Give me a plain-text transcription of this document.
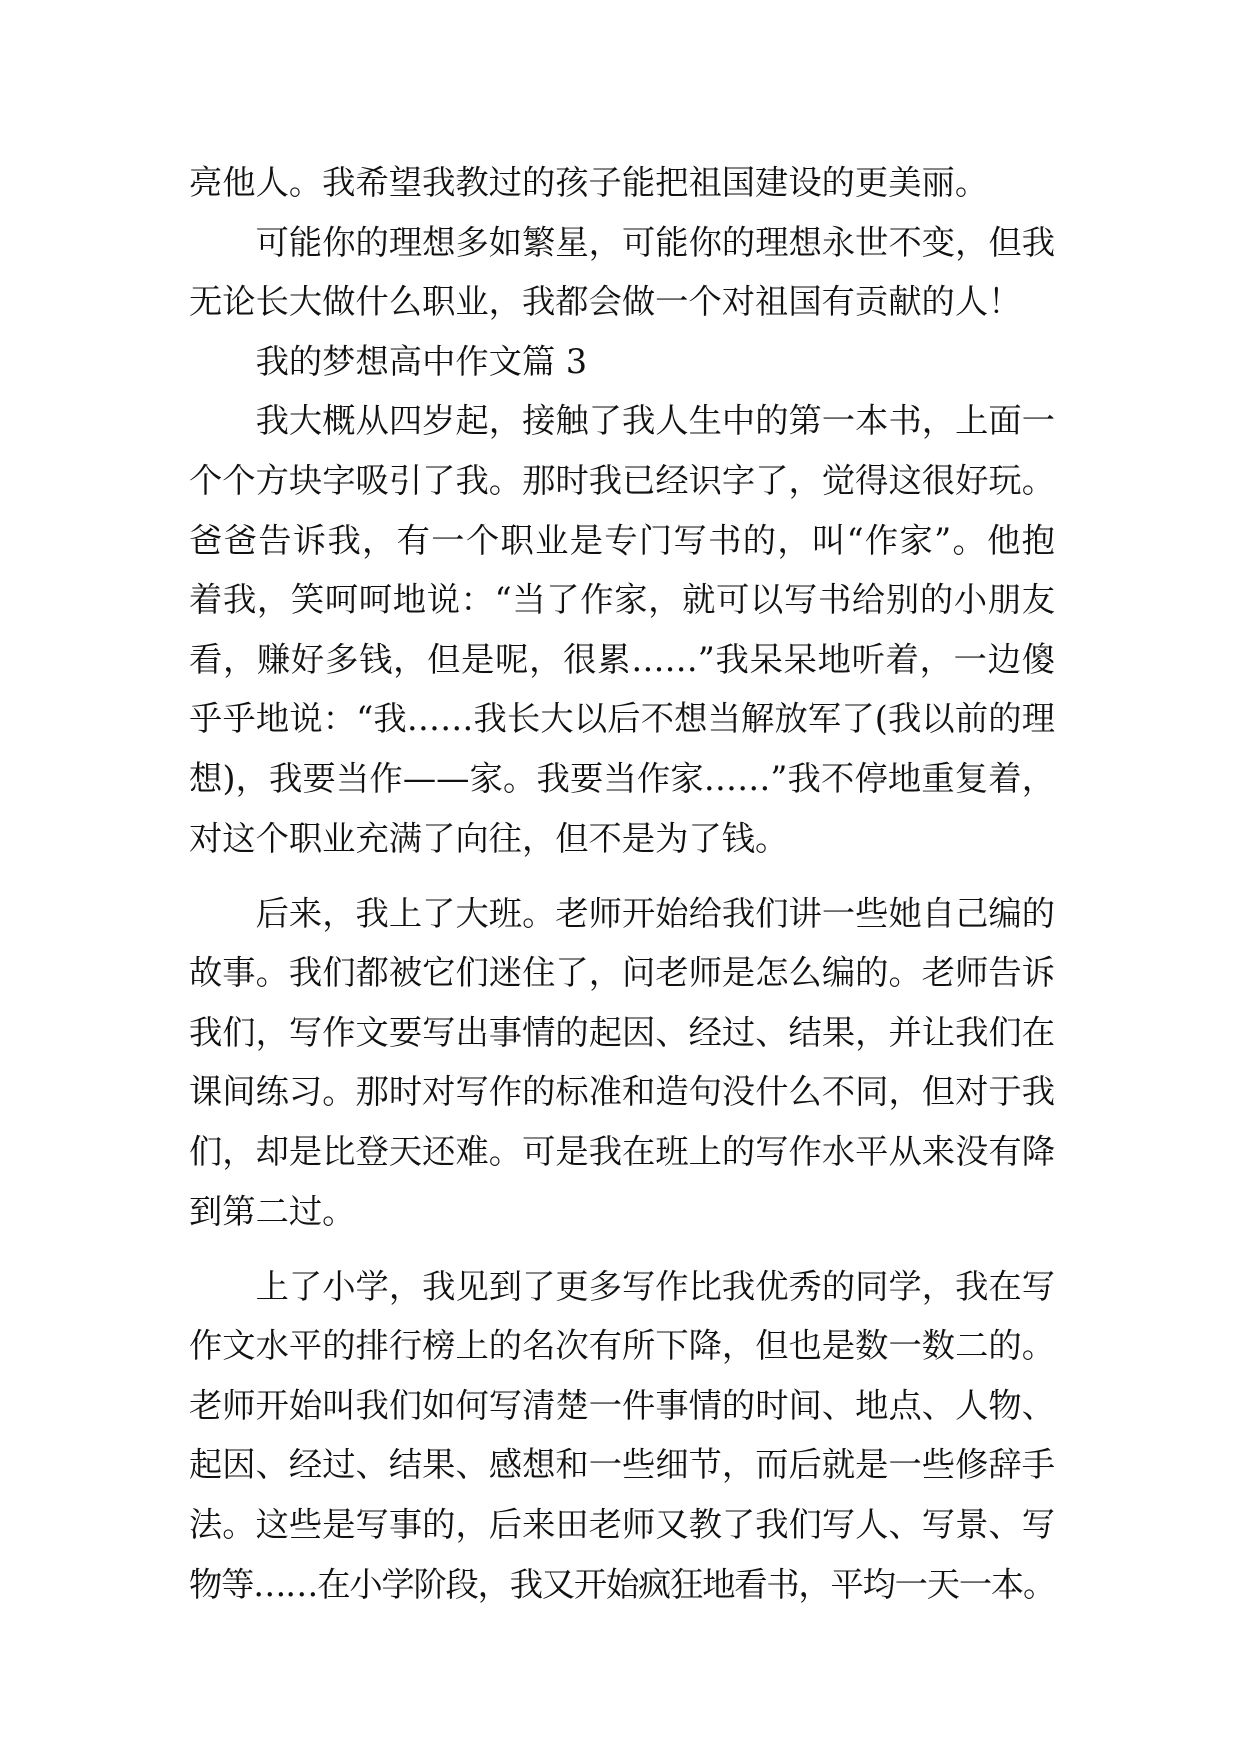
亮他人。我希望我教过的孩子能把祖国建设的更美丽。
可能你的理想多如繁星，可能你的理想永世不变，但我
无论长大做什么职业，我都会做一个对祖国有贡献的人！
我的梦想高中作文篇 3
我大概从四岁起，接触了我人生中的第一本书，上面一
个个方块字吸引了我。那时我已经识字了，觉得这很好玩。
爸爸告诉我，有一个职业是专门写书的，叫“作家”。他抱
着我，笑呵呵地说：“当了作家，就可以写书给别的小朋友
看，赚好多钱，但是呢，很累……”我呆呆地听着，一边傻
乎乎地说：“我……我长大以后不想当解放军了(我以前的理
想)，我要当作——家。我要当作家……”我不停地重复着，
对这个职业充满了向往，但不是为了钱。
后来，我上了大班。老师开始给我们讲一些她自己编的
故事。我们都被它们迷住了，问老师是怎么编的。老师告诉
我们，写作文要写出事情的起因、经过、结果，并让我们在
课间练习。那时对写作的标准和造句没什么不同，但对于我
们，却是比登天还难。可是我在班上的写作水平从来没有降
到第二过。
上了小学，我见到了更多写作比我优秀的同学，我在写
作文水平的排行榜上的名次有所下降，但也是数一数二的。
老师开始叫我们如何写清楚一件事情的时间、地点、人物、
起因、经过、结果、感想和一些细节，而后就是一些修辞手
法。这些是写事的，后来田老师又教了我们写人、写景、写
物等……在小学阶段，我又开始疯狂地看书，平均一天一本。
